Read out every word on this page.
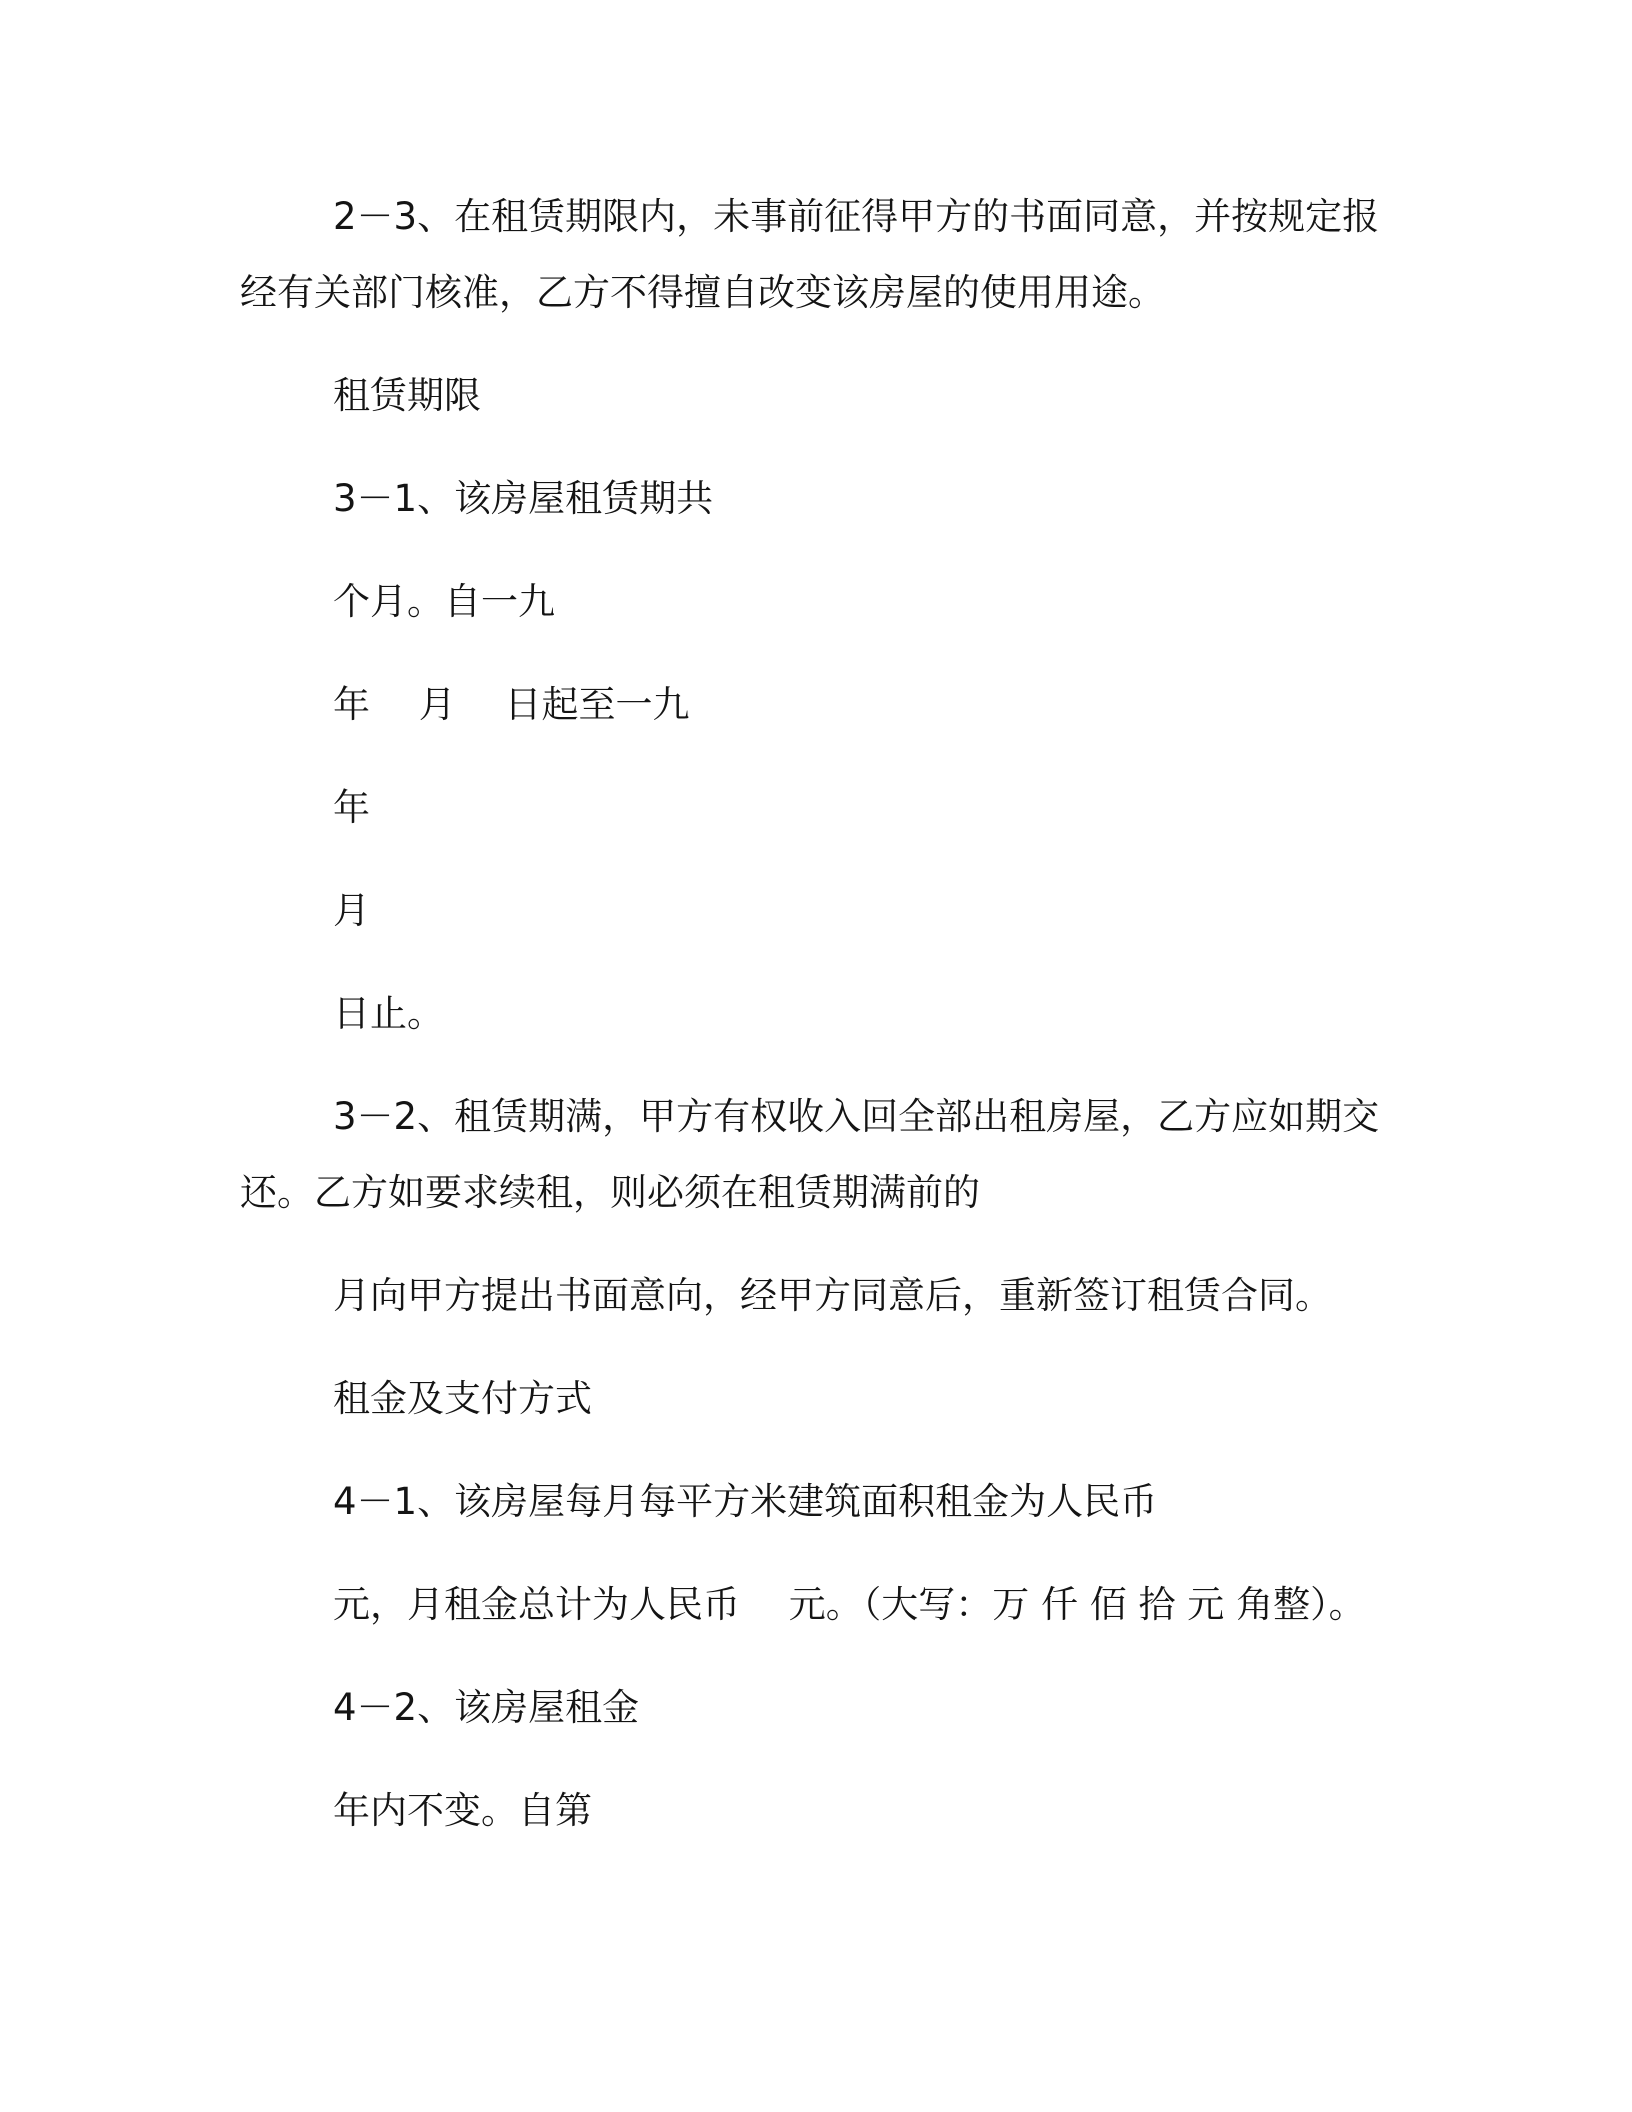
2－3、在租赁期限内，未事前征得甲方的书面同意，并按规定报
经有关部门核准，乙方不得擅自改变该房屋的使用用途。
租赁期限
3－1、该房屋租赁期共
个月。自一九
年　 月　 日起至一九
年
月
日止。
3－2、租赁期满，甲方有权收入回全部出租房屋，乙方应如期交
还。乙方如要求续租，则必须在租赁期满前的
月向甲方提出书面意向，经甲方同意后，重新签订租赁合同。
租金及支付方式
4－1、该房屋每月每平方米建筑面积租金为人民币
元，月租金总计为人民币　 元。（大写：万 仟 佰 拾 元 角整）。
4－2、该房屋租金
年内不变。自第
